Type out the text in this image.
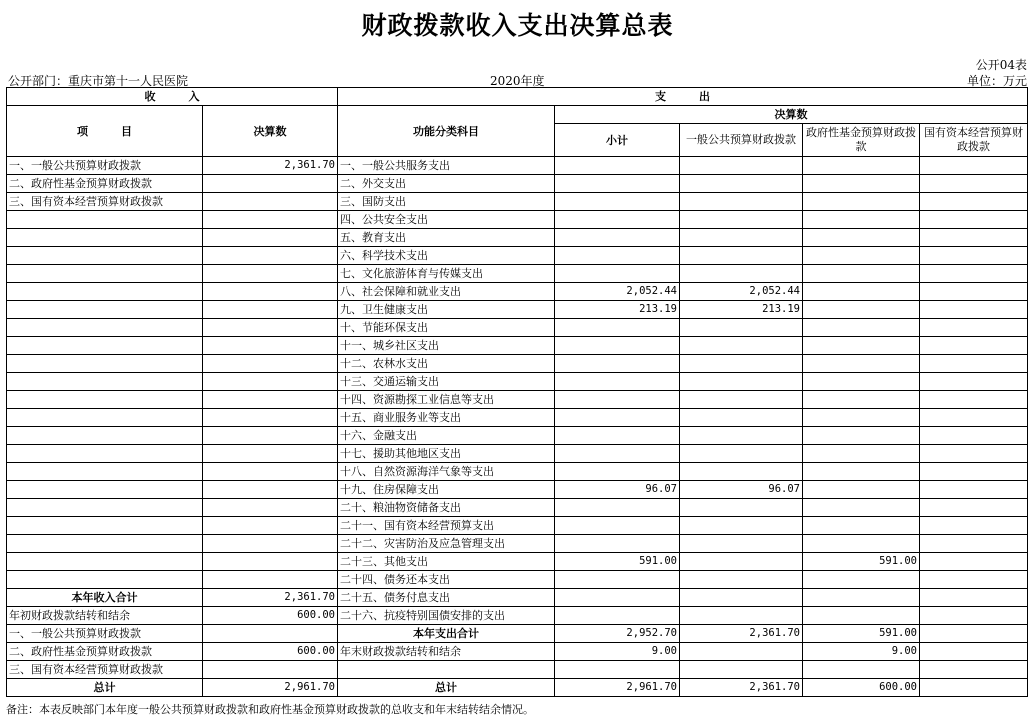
财政拨款收入支出决算总表
公开04表
公开部门：重庆市第十一人民医院	2020年度	单位：万元
收　　　入		支　　　出				
项　　　目	决算数	功能分类科目	决算数			
			小计	一般公共预算财政拨款	政府性基金预算财政拨款	国有资本经营预算财政拨款
一、一般公共预算财政拨款	2,361.70	一、一般公共服务支出				
二、政府性基金预算财政拨款		二、外交支出				
三、国有资本经营预算财政拨款		三、国防支出				
		四、公共安全支出				
		五、教育支出				
		六、科学技术支出				
		七、文化旅游体育与传媒支出				
		八、社会保障和就业支出	2,052.44	2,052.44		
		九、卫生健康支出	213.19	213.19		
		十、节能环保支出				
		十一、城乡社区支出				
		十二、农林水支出				
		十三、交通运输支出				
		十四、资源勘探工业信息等支出				
		十五、商业服务业等支出				
		十六、金融支出				
		十七、援助其他地区支出				
		十八、自然资源海洋气象等支出				
		十九、住房保障支出	96.07	96.07		
		二十、粮油物资储备支出				
		二十一、国有资本经营预算支出				
		二十二、灾害防治及应急管理支出				
		二十三、其他支出	591.00		591.00	
		二十四、债务还本支出				
本年收入合计	2,361.70	二十五、债务付息支出				
年初财政拨款结转和结余	600.00	二十六、抗疫特别国债安排的支出				
一、一般公共预算财政拨款		本年支出合计	2,952.70	2,361.70	591.00	
二、政府性基金预算财政拨款	600.00	年末财政拨款结转和结余	9.00		9.00	
三、国有资本经营预算财政拨款						
总计	2,961.70	总计	2,961.70	2,361.70	600.00	
备注：本表反映部门本年度一般公共预算财政拨款和政府性基金预算财政拨款的总收支和年末结转结余情况。
